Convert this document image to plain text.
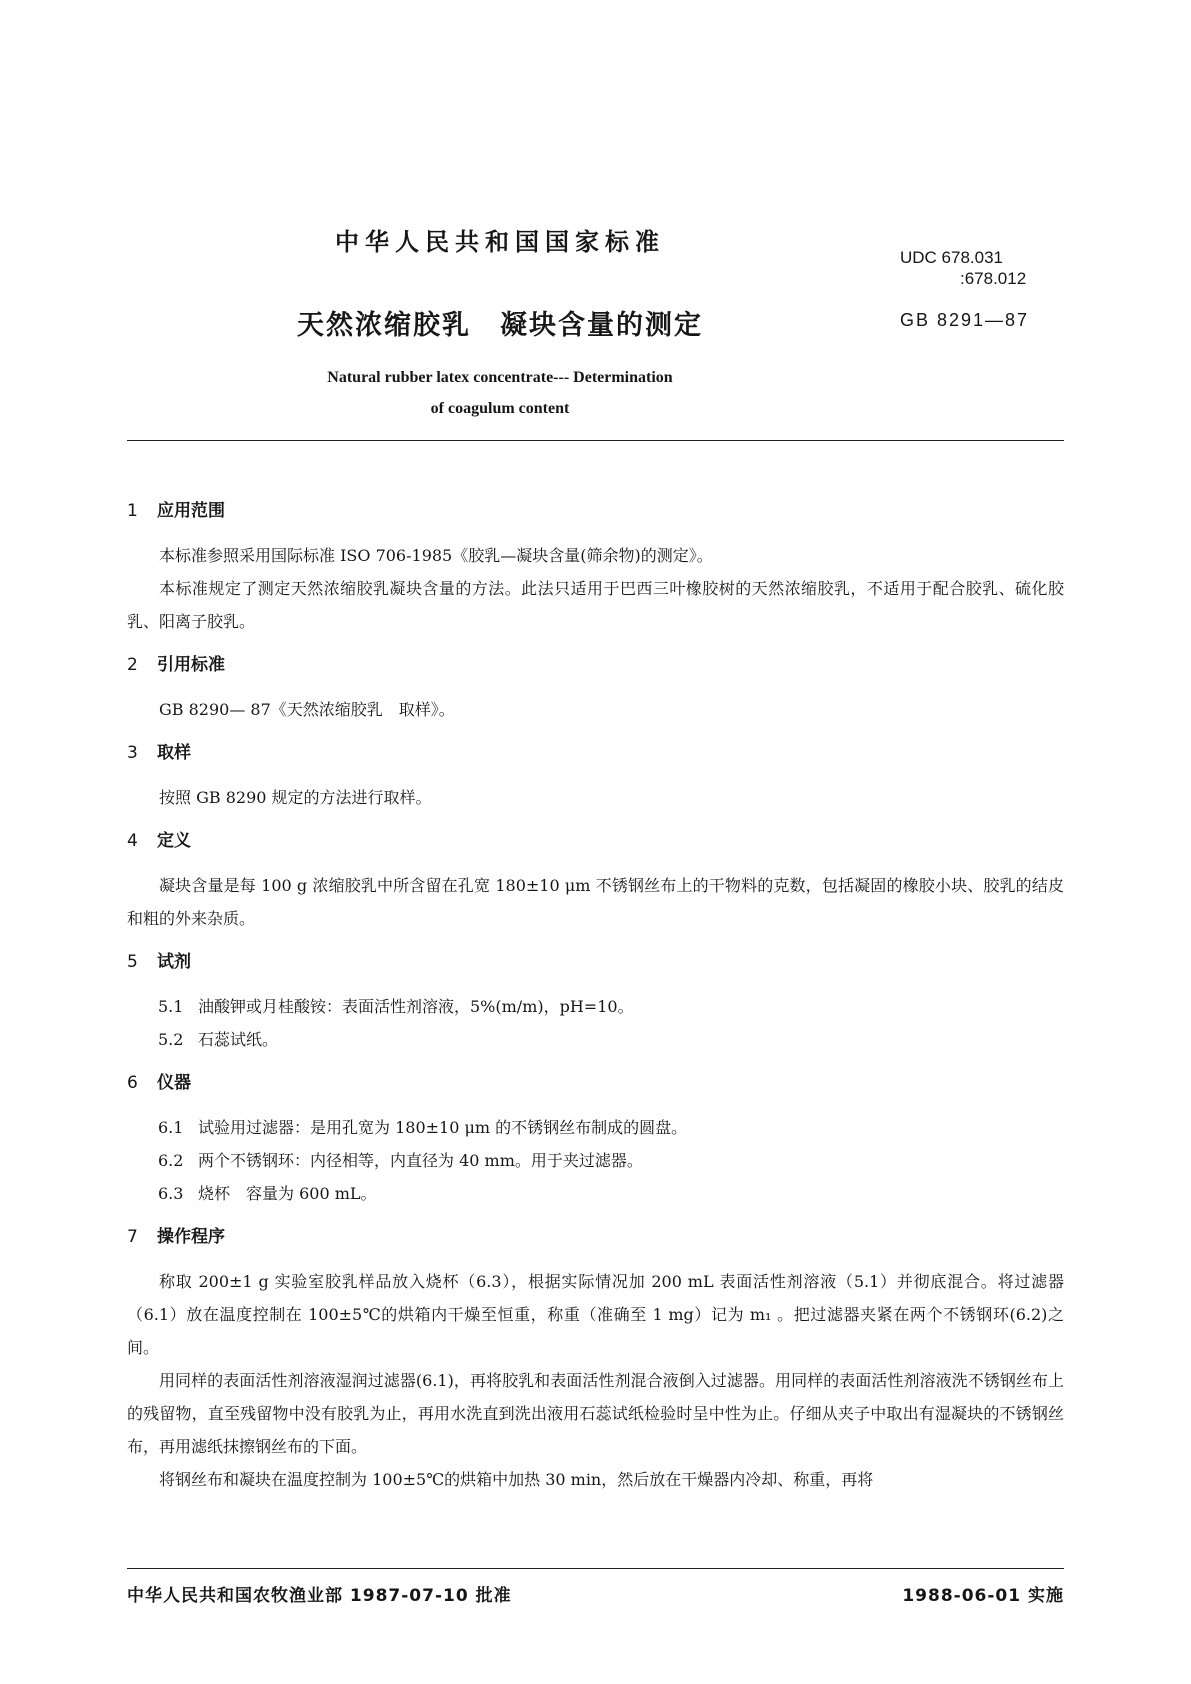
中华人民共和国国家标准
UDC 678.031
:678.012
天然浓缩胶乳　凝块含量的测定	GB 8291—87
Natural rubber latex concentrate--- Determination
of coagulum content
1 应用范围

本标准参照采用国际标准 ISO 706-1985《胶乳—凝块含量(筛余物)的测定》。

本标准规定了测定天然浓缩胶乳凝块含量的方法。此法只适用于巴西三叶橡胶树的天然浓缩胶乳，不适用于配合胶乳、硫化胶乳、阳离子胶乳。

2 引用标准

GB 8290— 87《天然浓缩胶乳　取样》。

3 取样

按照 GB 8290 规定的方法进行取样。

4 定义

凝块含量是每 100 g 浓缩胶乳中所含留在孔宽 180±10 μm 不锈钢丝布上的干物料的克数，包括凝固的橡胶小块、胶乳的结皮和粗的外来杂质。

5 试剂
5.1 油酸钾或月桂酸铵：表面活性剂溶液，5%(m/m)，pH=10。
5.2 石蕊试纸。
6 仪器
6.1 试验用过滤器：是用孔宽为 180±10 μm 的不锈钢丝布制成的圆盘。
6.2 两个不锈钢环：内径相等，内直径为 40 mm。用于夹过滤器。
6.3 烧杯　容量为 600 mL。
7 操作程序

称取 200±1 g 实验室胶乳样品放入烧杯（6.3），根据实际情况加 200 mL 表面活性剂溶液（5.1）并彻底混合。将过滤器（6.1）放在温度控制在 100±5℃的烘箱内干燥至恒重，称重（准确至 1 mg）记为 m₁ 。把过滤器夹紧在两个不锈钢环(6.2)之间。

用同样的表面活性剂溶液湿润过滤器(6.1)，再将胶乳和表面活性剂混合液倒入过滤器。用同样的表面活性剂溶液洗不锈钢丝布上的残留物，直至残留物中没有胶乳为止，再用水洗直到洗出液用石蕊试纸检验时呈中性为止。仔细从夹子中取出有湿凝块的不锈钢丝布，再用滤纸抹擦钢丝布的下面。

将钢丝布和凝块在温度控制为 100±5℃的烘箱中加热 30 min，然后放在干燥器内冷却、称重，再将

中华人民共和国农牧渔业部 1987-07-10 批准	1988-06-01 实施
